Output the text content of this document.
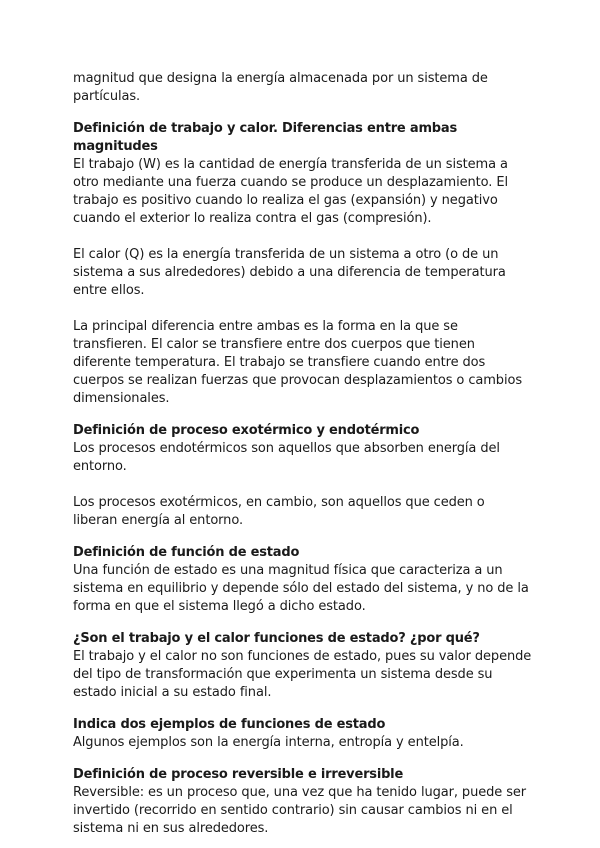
magnitud que designa la energía almacenada por un sistema de partículas.

Definición de trabajo y calor. Diferencias entre ambas magnitudes

El trabajo (W) es la cantidad de energía transferida de un sistema a otro mediante una fuerza cuando se produce un desplazamiento. El trabajo es positivo cuando lo realiza el gas (expansión) y negativo cuando el exterior lo realiza contra el gas (compresión).

El calor (Q) es la energía transferida de un sistema a otro (o de un sistema a sus alrededores) debido a una diferencia de temperatura entre ellos.

La principal diferencia entre ambas es la forma en la que se transfieren. El calor se transfiere entre dos cuerpos que tienen diferente temperatura. El trabajo se transfiere cuando entre dos cuerpos se realizan fuerzas que provocan desplazamientos o cambios dimensionales.

Definición de proceso exotérmico y endotérmico

Los procesos endotérmicos son aquellos que absorben energía del entorno.

Los procesos exotérmicos, en cambio, son aquellos que ceden o liberan energía al entorno.

Definición de función de estado

Una función de estado es una magnitud física que caracteriza a un sistema en equilibrio y depende sólo del estado del sistema, y no de la forma en que el sistema llegó a dicho estado.

¿Son el trabajo y el calor funciones de estado? ¿por qué?

El trabajo y el calor no son funciones de estado, pues su valor depende del tipo de transformación que experimenta un sistema desde su estado inicial a su estado final.

Indica dos ejemplos de funciones de estado

Algunos ejemplos son la energía interna, entropía y entelpía.

Definición de proceso reversible e irreversible

Reversible: es un proceso que, una vez que ha tenido lugar, puede ser invertido (recorrido en sentido contrario) sin causar cambios ni en el sistema ni en sus alrededores.
